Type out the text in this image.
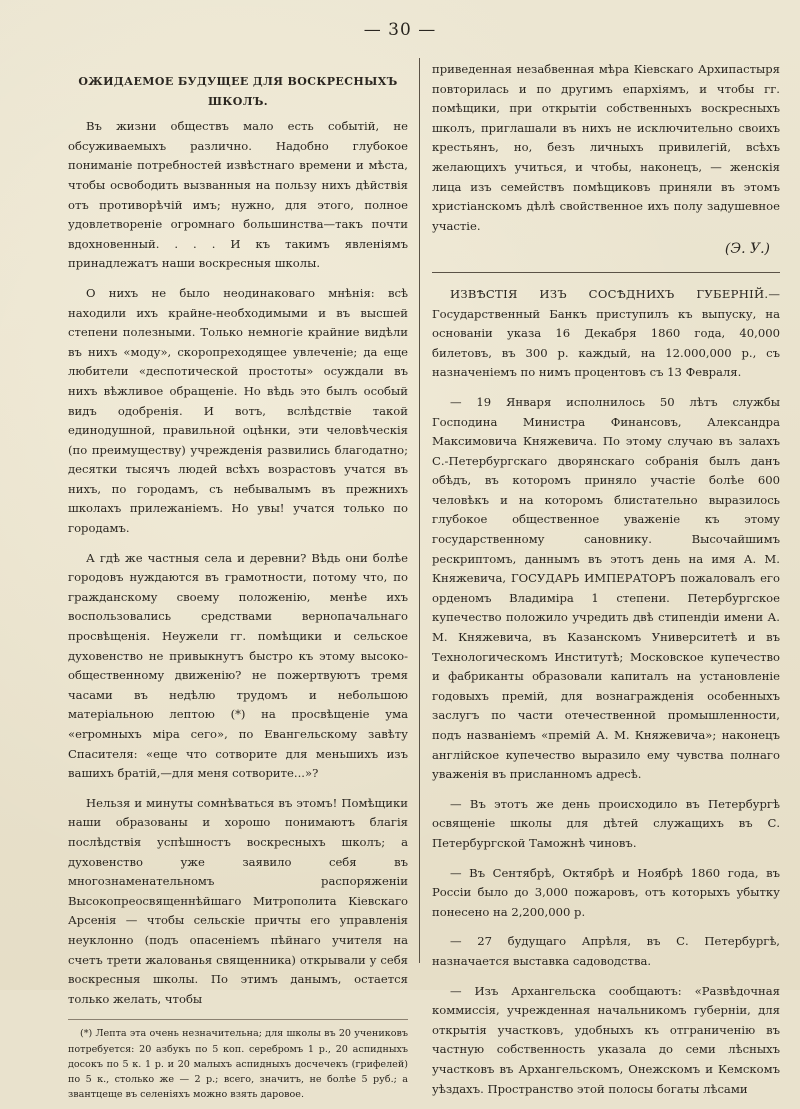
— 30 —
ОЖИДАЕМОЕ БУДУЩЕЕ ДЛЯ ВОСКРЕСНЫХЪ ШКОЛЪ.

Въ жизни обществъ мало есть событій, не обсуживаемыхъ различно. Надобно глубокое пониманіе потребностей извѣстнаго времени и мѣста, чтобы освободить вызванныя на пользу нихъ дѣйствія отъ противорѣчій имъ; нужно, для этого, полное удовлетвореніе огромнаго большинства—такъ почти вдохновенный. . . . И къ такимъ явленіямъ принадлежатъ наши воскресныя школы.

О нихъ не было неодинаковаго мнѣнія: всѣ находили ихъ крайне-необходимыми и въ высшей степени полезными. Только немногіе крайние видѣли въ нихъ «моду», скоропреходящее увлеченіе; да еще любители «деспотической простоты» осуждали въ нихъ вѣжливое обращеніе. Но вѣдь это былъ особый видъ одобренія. И вотъ, вслѣдствіе такой единодушной, правильной оцѣнки, эти человѣческія (по преимуществу) учрежденія развились благодатно; десятки тысячъ людей всѣхъ возрастовъ учатся въ нихъ, по городамъ, съ небывалымъ въ прежнихъ школахъ прилежаніемъ. Но увы! учатся только по городамъ.

А гдѣ же частныя села и деревни? Вѣдь они болѣе городовъ нуждаются въ грамотности, потому что, по гражданскому своему положенію, менѣе ихъ воспользовались средствами вернопачальнаго просвѣщенія. Неужели гг. помѣщики и сельское духовенство не привыкнутъ быстро къ этому высоко-общественному движенію? не пожертвуютъ тремя часами въ недѣлю трудомъ и небольшою матеріальною лептою (*) на просвѣщеніе ума «erромныхъ міра сего», по Евангельскому завѣту Спасителя: «еще что сотворите для меньшихъ изъ вашихъ братій,—для меня сотворите...»?

Нельзя и минуты сомнѣваться въ этомъ! Помѣщики наши образованы и хорошо понимаютъ благія послѣдствія успѣшностъ воскресныхъ школъ; а духовенство уже заявило себя въ многознаменательномъ распоряженіи Высокопреосвященнѣйшаго Митрополита Кіевскаго Арсенія — чтобы сельскіе причты его управленія неуклонно (подъ опасеніемъ пѣйнаго учителя на счетъ трети жалованья священника) открывали у себя воскресныя школы. По этимъ данымъ, остается только желать, чтобы

(*) Лепта эта очень незначительна; для школы въ 20 учениковъ потребуется: 20 азбукъ по 5 коп. серебромъ 1 р., 20 аспидныхъ досокъ по 5 к. 1 р. и 20 малыхъ аспидныхъ досчечекъ (грифелей) по 5 к., столько же — 2 р.; всего, значитъ, не болѣе 5 руб.; а звантцеще въ селеніяхъ можно взять даровое.

приведенная незабвенная мѣра Кіевскаго Архипастыря повторилась и по другимъ епархіямъ, и чтобы гг. помѣщики, при открытіи собственныхъ воскресныхъ школъ, приглашали въ нихъ не исключительно своихъ крестьянъ, но, безъ личныхъ привилегій, всѣхъ желающихъ учиться, и чтобы, наконецъ, — женскія лица изъ семействъ помѣщиковъ приняли въ этомъ христіанскомъ дѣлѣ свойственное ихъ полу задушевное участіе.

(Э. У.)

ИЗВѢСТІЯ ИЗЪ СОСѢДНИХЪ ГУБЕРНІЙ.—Государственный Банкъ приступилъ къ выпуску, на основаніи указа 16 Декабря 1860 года, 40,000 билетовъ, въ 300 р. каждый, на 12.000,000 р., съ назначеніемъ по нимъ процентовъ съ 13 Февраля.

— 19 Января исполнилось 50 лѣтъ службы Господина Министра Финансовъ, Александра Максимовича Княжевича. По этому случаю въ залахъ С.-Петербургскаго дворянскаго собранія былъ данъ обѣдъ, въ которомъ приняло участіе болѣе 600 человѣкъ и на которомъ блистательно выразилось глубокое общественное уваженіе къ этому государственному сановнику. Высочайшимъ рескриптомъ, даннымъ въ этотъ день на имя А. М. Княжевича, ГОСУДАРЬ ИМПЕРАТОРЪ пожаловалъ его орденомъ Владиміра 1 степени. Петербургское купечество положило учредить двѣ стипендіи имени А. М. Княжевича, въ Казанскомъ Университетѣ и въ Технологическомъ Институтѣ; Московское купечество и фабриканты образовали капиталъ на установленіе годовыхъ премій, для вознагражденія особенныхъ заслугъ по части отечественной промышленности, подъ названіемъ «премій А. М. Княжевича»; наконецъ англійское купечество выразило ему чувства полнаго уваженія въ присланномъ адресѣ.

— Въ этотъ же день происходило въ Петербургѣ освященіе школы для дѣтей служащихъ въ С. Петербургской Таможнѣ чиновъ.

— Въ Сентябрѣ, Октябрѣ и Ноябрѣ 1860 года, въ Россіи было до 3,000 пожаровъ, отъ которыхъ убытку понесено на 2,200,000 р.

— 27 будущаго Апрѣля, въ С. Петербургѣ, назначается выставка садоводства.

— Изъ Архангельска сообщаютъ: «Развѣдочная коммиссія, учрежденная начальникомъ губерніи, для открытія участковъ, удобныхъ къ отграниченію въ частную собственность указала до семи лѣсныхъ участковъ въ Архангельскомъ, Онежскомъ и Кемскомъ уѣздахъ. Пространство этой полосы богаты лѣсами
